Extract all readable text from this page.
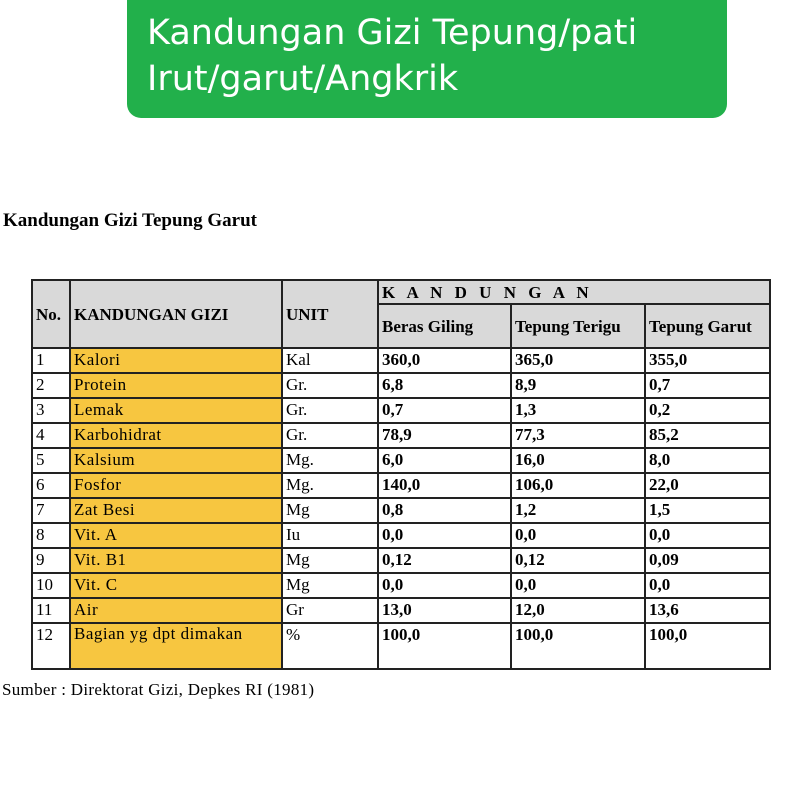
Kandungan Gizi Tepung/pati
Irut/garut/Angkrik
Kandungan Gizi Tepung Garut
No.	KANDUNGAN GIZI	UNIT	K A N D U N G A N		
			Beras Giling	Tepung Terigu	Tepung Garut
1	Kalori	Kal	360,0	365,0	355,0
2	Protein	Gr.	6,8	8,9	0,7
3	Lemak	Gr.	0,7	1,3	0,2
4	Karbohidrat	Gr.	78,9	77,3	85,2
5	Kalsium	Mg.	6,0	16,0	8,0
6	Fosfor	Mg.	140,0	106,0	22,0
7	Zat Besi	Mg	0,8	1,2	1,5
8	Vit. A	Iu	0,0	0,0	0,0
9	Vit. B1	Mg	0,12	0,12	0,09
10	Vit. C	Mg	0,0	0,0	0,0
11	Air	Gr	13,0	12,0	13,6
12	Bagian yg dpt dimakan	%	100,0	100,0	100,0
Sumber : Direktorat Gizi, Depkes RI (1981)
